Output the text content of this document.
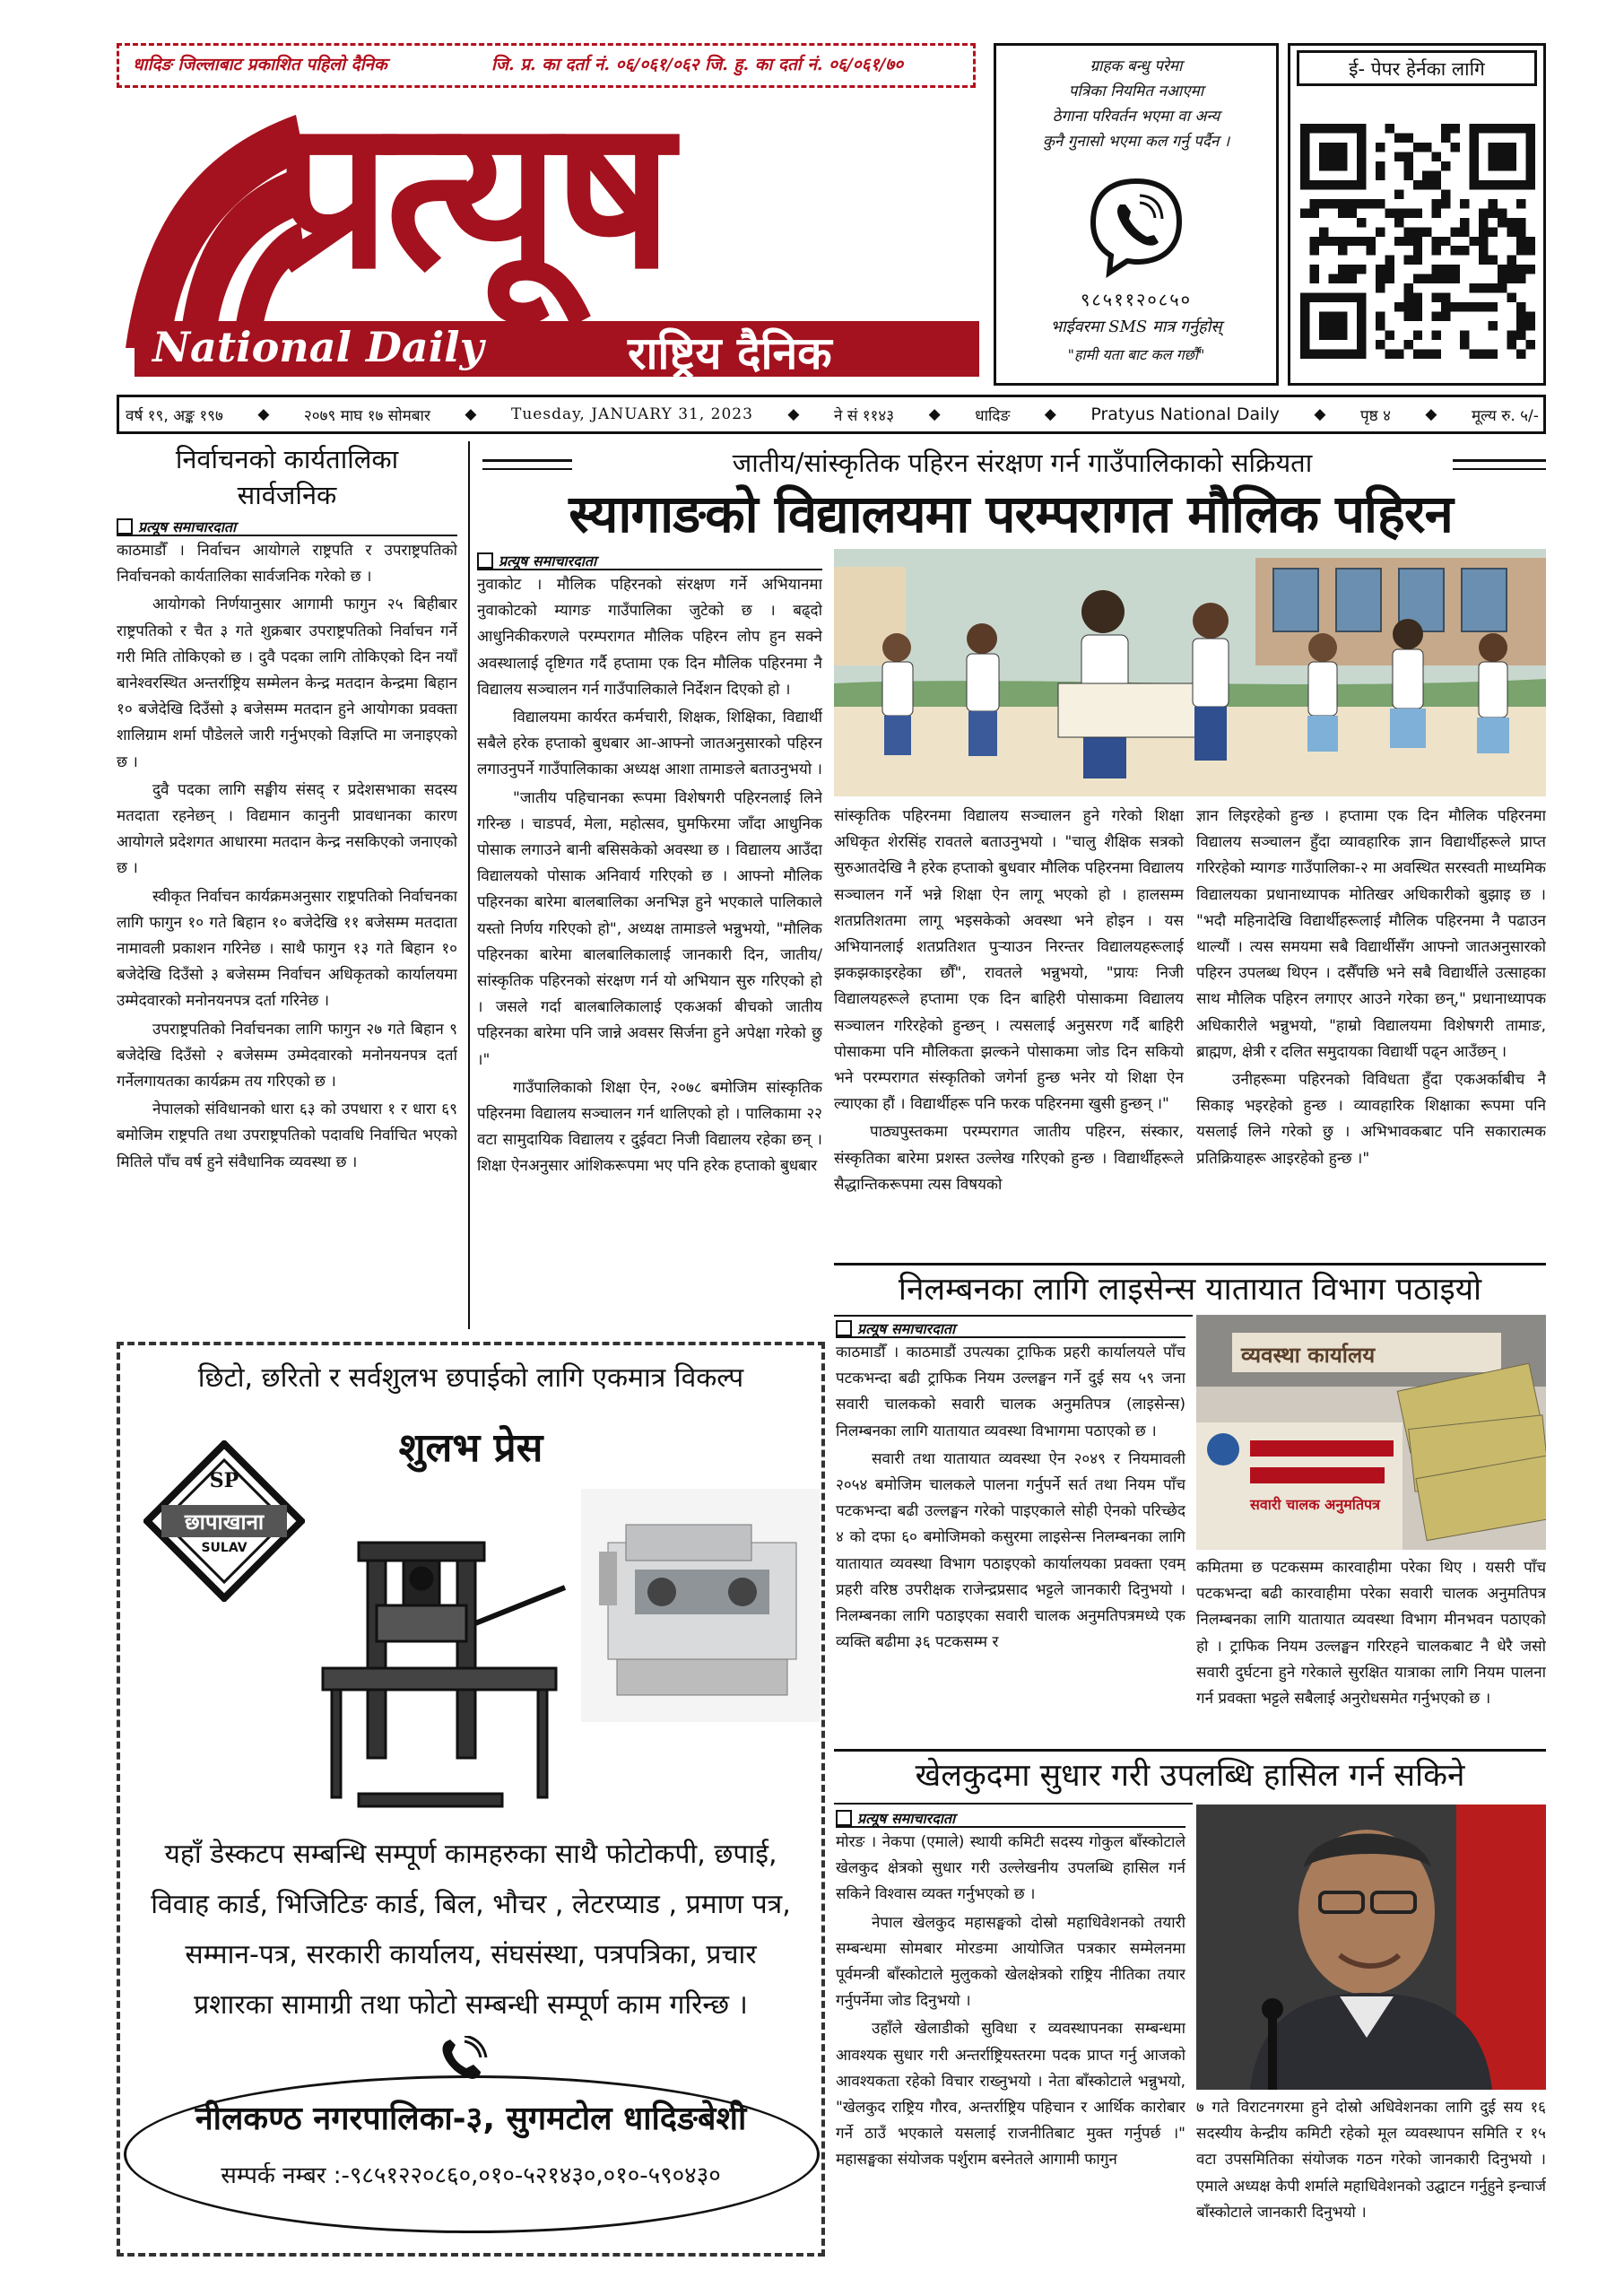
धादिङ जिल्लाबाट प्रकाशित पहिलो दैनिक	जि. प्र. का दर्ता नं. ०६/०६१/०६२ जि. हु. का दर्ता नं. ०६/०६१/७०
प्रत्यूष
National Daily	राष्ट्रिय दैनिक
ग्राहक बन्धु परेमा
पत्रिका नियमित नआएमा
ठेगाना परिवर्तन भएमा वा अन्य
कुनै गुनासो भएमा कल गर्नु पर्दैन ।
९८५११२०८५०
भाईवरमा SMS मात्र गर्नुहोस्
"हामी यता बाट कल गर्छौं"
ई- पेपर हेर्नका लागि
वर्ष १९, अङ्क १९७ ◆ २०७९ माघ १७ सोमबार ◆ Tuesday, JANUARY 31, 2023 ◆ ने सं ११४३ ◆ धादिङ ◆ Pratyus National Daily ◆ पृष्ठ ४ ◆ मूल्य रु. ५/-
निर्वाचनको कार्यतालिका
सार्वजनिक
प्रत्यूष समाचारदाता

काठमाडौँ । निर्वाचन आयोगले राष्ट्रपति र उपराष्ट्रपतिको निर्वाचनको कार्यतालिका सार्वजनिक गरेको छ ।

आयोगको निर्णयानुसार आगामी फागुन २५ बिहीबार राष्ट्रपतिको र चैत ३ गते शुक्रबार उपराष्ट्रपतिको निर्वाचन गर्ने गरी मिति तोकिएको छ । दुवै पदका लागि तोकिएको दिन नयाँ बानेश्वरस्थित अन्तर्राष्ट्रिय सम्मेलन केन्द्र मतदान केन्द्रमा बिहान १० बजेदेखि दिउँसो ३ बजेसम्म मतदान हुने आयोगका प्रवक्ता शालिग्राम शर्मा पौडेलले जारी गर्नुभएको विज्ञप्ति मा जनाइएको छ ।

दुवै पदका लागि सङ्घीय संसद् र प्रदेशसभाका सदस्य मतदाता रहनेछन् । विद्यमान कानुनी प्रावधानका कारण आयोगले प्रदेशगत आधारमा मतदान केन्द्र नसकिएको जनाएको छ ।

स्वीकृत निर्वाचन कार्यक्रमअनुसार राष्ट्रपतिको निर्वाचनका लागि फागुन १० गते बिहान १० बजेदेखि ११ बजेसम्म मतदाता नामावली प्रकाशन गरिनेछ । साथै फागुन १३ गते बिहान १० बजेदेखि दिउँसो ३ बजेसम्म निर्वाचन अधिकृतको कार्यालयमा उम्मेदवारको मनोनयनपत्र दर्ता गरिनेछ ।

उपराष्ट्रपतिको निर्वाचनका लागि फागुन २७ गते बिहान ९ बजेदेखि दिउँसो २ बजेसम्म उम्मेदवारको मनोनयनपत्र दर्ता गर्नेलगायतका कार्यक्रम तय गरिएको छ ।

नेपालको संविधानको धारा ६३ को उपधारा १ र धारा ६९ बमोजिम राष्ट्रपति तथा उपराष्ट्रपतिको पदावधि निर्वाचित भएको मितिले पाँच वर्ष हुने संवैधानिक व्यवस्था छ ।

जातीय/सांस्कृतिक पहिरन संरक्षण गर्न गाउँपालिकाको सक्रियता
स्यागाङको विद्यालयमा परम्परागत मौलिक पहिरन
प्रत्यूष समाचारदाता

नुवाकोट । मौलिक पहिरनको संरक्षण गर्ने अभियानमा नुवाकोटको म्यागङ गाउँपालिका जुटेको छ । बढ्दो आधुनिकीकरणले परम्परागत मौलिक पहिरन लोप हुन सक्ने अवस्थालाई दृष्टिगत गर्दै हप्तामा एक दिन मौलिक पहिरनमा नै विद्यालय सञ्चालन गर्न गाउँपालिकाले निर्देशन दिएको हो ।

विद्यालयमा कार्यरत कर्मचारी, शिक्षक, शिक्षिका, विद्यार्थी सबैले हरेक हप्ताको बुधबार आ-आफ्नो जातअनुसारको पहिरन लगाउनुपर्ने गाउँपालिकाका अध्यक्ष आशा तामाङले बताउनुभयो ।

"जातीय पहिचानका रूपमा विशेषगरी पहिरनलाई लिने गरिन्छ । चाडपर्व, मेला, महोत्सव, घुमफिरमा जाँदा आधुनिक पोसाक लगाउने बानी बसिसकेको अवस्था छ । विद्यालय आउँदा विद्यालयको पोसाक अनिवार्य गरिएको छ । आफ्नो मौलिक पहिरनका बारेमा बालबालिका अनभिज्ञ हुने भएकाले पालिकाले यस्तो निर्णय गरिएको हो", अध्यक्ष तामाङले भन्नुभयो, "मौलिक पहिरनका बारेमा बालबालिकालाई जानकारी दिन, जातीय/सांस्कृतिक पहिरनको संरक्षण गर्न यो अभियान सुरु गरिएको हो । जसले गर्दा बालबालिकालाई एकअर्का बीचको जातीय पहिरनका बारेमा पनि जान्ने अवसर सिर्जना हुने अपेक्षा गरेको छु ।"

गाउँपालिकाको शिक्षा ऐन, २०७८ बमोजिम सांस्कृतिक पहिरनमा विद्यालय सञ्चालन गर्न थालिएको हो । पालिकामा २२ वटा सामुदायिक विद्यालय र दुईवटा निजी विद्यालय रहेका छन् । शिक्षा ऐनअनुसार आंशिकरूपमा भए पनि हरेक हप्ताको बुधबार

सांस्कृतिक पहिरनमा विद्यालय सञ्चालन हुने गरेको शिक्षा अधिकृत शेरसिंह रावतले बताउनुभयो । "चालु शैक्षिक सत्रको सुरुआतदेखि नै हरेक हप्ताको बुधवार मौलिक पहिरनमा विद्यालय सञ्चालन गर्ने भन्ने शिक्षा ऐन लागू भएको हो । हालसम्म शतप्रतिशतमा लागू भइसकेको अवस्था भने होइन । यस अभियानलाई शतप्रतिशत पुर्‍याउन निरन्तर विद्यालयहरूलाई झकझकाइरहेका छौँ", रावतले भन्नुभयो, "प्रायः निजी विद्यालयहरूले हप्तामा एक दिन बाहिरी पोसाकमा विद्यालय सञ्चालन गरिरहेको हुन्छन् । त्यसलाई अनुसरण गर्दै बाहिरी पोसाकमा पनि मौलिकता झल्कने पोसाकमा जोड दिन सकियो भने परम्परागत संस्कृतिको जगेर्ना हुन्छ भनेर यो शिक्षा ऐन ल्याएका हौं । विद्यार्थीहरू पनि फरक पहिरनमा खुसी हुन्छन् ।"

पाठ्यपुस्तकमा परम्परागत जातीय पहिरन, संस्कार, संस्कृतिका बारेमा प्रशस्त उल्लेख गरिएको हुन्छ । विद्यार्थीहरूले सैद्धान्तिकरूपमा त्यस विषयको

ज्ञान लिइरहेको हुन्छ । हप्तामा एक दिन मौलिक पहिरनमा विद्यालय सञ्चालन हुँदा व्यावहारिक ज्ञान विद्यार्थीहरूले प्राप्त गरिरहेको म्यागङ गाउँपालिका-२ मा अवस्थित सरस्वती माध्यमिक विद्यालयका प्रधानाध्यापक मोतिखर अधिकारीको बुझाइ छ । "भदौ महिनादेखि विद्यार्थीहरूलाई मौलिक पहिरनमा नै पढाउन थाल्यौं । त्यस समयमा सबै विद्यार्थीसँग आफ्नो जातअनुसारको पहिरन उपलब्ध थिएन । दसैँपछि भने सबै विद्यार्थीले उत्साहका साथ मौलिक पहिरन लगाएर आउने गरेका छन्," प्रधानाध्यापक अधिकारीले भन्नुभयो, "हाम्रो विद्यालयमा विशेषगरी तामाङ, ब्राह्मण, क्षेत्री र दलित समुदायका विद्यार्थी पढ्न आउँछन् ।

उनीहरूमा पहिरनको विविधता हुँदा एकअर्काबीच नै सिकाइ भइरहेको हुन्छ । व्यावहारिक शिक्षाका रूपमा पनि यसलाई लिने गरेको छु । अभिभावकबाट पनि सकारात्मक प्रतिक्रियाहरू आइरहेको हुन्छ ।"

छिटो, छरितो र सर्वशुलभ छपाईको लागि एकमात्र विकल्प
शुलभ प्रेस
SP
छापाखाना
SULAV
यहाँ डेस्कटप सम्बन्धि सम्पूर्ण कामहरुका साथै फोटोकपी, छपाई,
विवाह कार्ड, भिजिटिङ कार्ड, बिल, भौचर , लेटरप्याड , प्रमाण पत्र,
सम्मान-पत्र, सरकारी कार्यालय, संघसंस्था, पत्रपत्रिका, प्रचार
प्रशारका सामाग्री तथा फोटो सम्बन्धी सम्पूर्ण काम गरिन्छ ।
नीलकण्ठ नगरपालिका-३, सुगमटोल धादिङबेशी
सम्पर्क नम्बर :-९८५१२२०८६०,०१०-५२१४३०,०१०-५९०४३०
निलम्बनका लागि लाइसेन्स यातायात विभाग पठाइयो
प्रत्यूष समाचारदाता

काठमाडौँ । काठमाडौं उपत्यका ट्राफिक प्रहरी कार्यालयले पाँच पटकभन्दा बढी ट्राफिक नियम उल्लङ्घन गर्ने दुई सय ५९ जना सवारी चालकको सवारी चालक अनुमतिपत्र (लाइसेन्स) निलम्बनका लागि यातायात व्यवस्था विभागमा पठाएको छ ।

सवारी तथा यातायात व्यवस्था ऐन २०४९ र नियमावली २०५४ बमोजिम चालकले पालना गर्नुपर्ने सर्त तथा नियम पाँच पटकभन्दा बढी उल्लङ्घन गरेको पाइएकाले सोही ऐनको परिच्छेद ४ को दफा ६० बमोजिमको कसुरमा लाइसेन्स निलम्बनका लागि यातायात व्यवस्था विभाग पठाइएको कार्यालयका प्रवक्ता एवम् प्रहरी वरिष्ठ उपरीक्षक राजेन्द्रप्रसाद भट्टले जानकारी दिनुभयो । निलम्बनका लागि पठाइएका सवारी चालक अनुमतिपत्रमध्ये एक व्यक्ति बढीमा ३६ पटकसम्म र

व्यवस्था कार्यालय
सवारी चालक अनुमतिपत्र

कमितमा छ पटकसम्म कारवाहीमा परेका थिए । यसरी पाँच पटकभन्दा बढी कारवाहीमा परेका सवारी चालक अनुमतिपत्र निलम्बनका लागि यातायात व्यवस्था विभाग मीनभवन पठाएको हो । ट्राफिक नियम उल्लङ्घन गरिरहने चालकबाट नै धेरै जसो सवारी दुर्घटना हुने गरेकाले सुरक्षित यात्राका लागि नियम पालना गर्न प्रवक्ता भट्टले सबैलाई अनुरोधसमेत गर्नुभएको छ ।

खेलकुदमा सुधार गरी उपलब्धि हासिल गर्न सकिने
प्रत्यूष समाचारदाता

मोरङ । नेकपा (एमाले) स्थायी कमिटी सदस्य गोकुल बाँस्कोटाले खेलकुद क्षेत्रको सुधार गरी उल्लेखनीय उपलब्धि हासिल गर्न सकिने विश्वास व्यक्त गर्नुभएको छ ।

नेपाल खेलकुद महासङ्घको दोस्रो महाधिवेशनको तयारी सम्बन्धमा सोमबार मोरङमा आयोजित पत्रकार सम्मेलनमा पूर्वमन्त्री बाँस्कोटाले मुलुकको खेलक्षेत्रको राष्ट्रिय नीतिका तयार गर्नुपर्नेमा जोड दिनुभयो ।

उहाँले खेलाडीको सुविधा र व्यवस्थापनका सम्बन्धमा आवश्यक सुधार गरी अन्तर्राष्ट्रियस्तरमा पदक प्राप्त गर्नु आजको आवश्यकता रहेको विचार राख्नुभयो । नेता बाँस्कोटाले भन्नुभयो, "खेलकुद राष्ट्रिय गौरव, अन्तर्राष्ट्रिय पहिचान र आर्थिक कारोबार गर्ने ठाउँ भएकाले यसलाई राजनीतिबाट मुक्त गर्नुपर्छ ।" महासङ्घका संयोजक पर्शुराम बस्नेतले आगामी फागुन

७ गते विराटनगरमा हुने दोस्रो अधिवेशनका लागि दुई सय १६ सदस्यीय केन्द्रीय कमिटी रहेको मूल व्यवस्थापन समिति र १५ वटा उपसमितिका संयोजक गठन गरेको जानकारी दिनुभयो । एमाले अध्यक्ष केपी शर्माले महाधिवेशनको उद्घाटन गर्नुहुने इन्चार्ज बाँस्कोटाले जानकारी दिनुभयो ।
